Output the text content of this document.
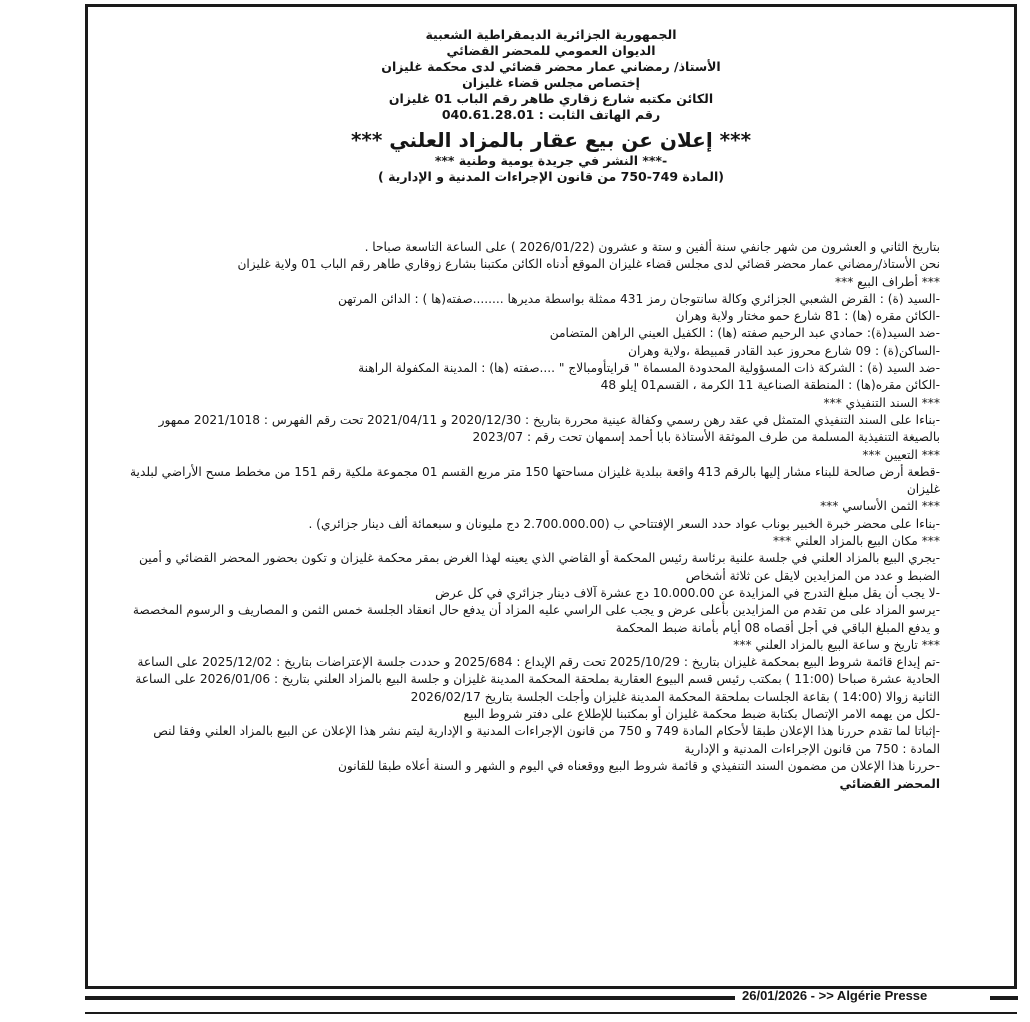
الجمهورية الجزائرية الديمقراطية الشعبية
الديوان العمومي للمحضر القضائي
الأستاذ/ رمضاني عمار محضر قضائي لدى محكمة غليزان
إختصاص مجلس قضاء غليزان
الكائن مكتبه شارع زقاري طاهر رقم الباب 01 غليزان
رقم الهاتف الثابت : 040.61.28.01
*** إعلان عن بيع عقار بالمزاد العلني ***
-*** النشر في جريدة يومية وطنية ***
(المادة 749-750 من قانون الإجراءات المدنية و الإدارية )
بتاريخ الثاني و العشرون من شهر جانفي سنة ألفين و ستة و عشرون (2026/01/22 ) على الساعة التاسعة صباحا .
نحن الأستاذ/رمضاني عمار محضر قضائي لدى مجلس قضاء غليزان الموقع أدناه الكائن مكتبنا بشارع زوقاري طاهر رقم الباب 01 ولاية غليزان
*** أطراف البيع ***
-السيد (ة) : القرض الشعبي الجزائري وكالة سانتوجان رمز 431 ممثلة بواسطة مديرها ........صفته(ها ) : الدائن المرتهن
-الكائن مقره (ها) : 81 شارع حمو مختار ولاية وهران
-ضد السيد(ة): حمادي عبد الرحيم صفته (ها) : الكفيل العيني الراهن المتضامن
-الساكن(ة) : 09 شارع محروز عبد القادر قمبيطة ،ولاية وهران
-ضد السيد (ة) : الشركة ذات المسؤولية المحدودة المسماة " قرايتأومبالاج " ....صفته (ها) : المدينة المكفولة الراهنة
-الكائن مقره(ها) : المنطقة الصناعية 11 الكرمة ، القسم01 إيلو 48
*** السند التنفيذي ***
-بناءا على السند التنفيذي المتمثل في عقد رهن رسمي وكفالة عينية محررة بتاريخ : 2020/12/30 و 2021/04/11 تحت رقم الفهرس : 2021/1018 ممهور بالصيغة التنفيذية المسلمة من طرف الموثقة الأستاذة بابا أحمد إسمهان تحت رقم : 2023/07
*** التعيين ***
-قطعة أرض صالحة للبناء مشار إليها بالرقم 413 واقعة ببلدية غليزان مساحتها 150 متر مربع القسم 01 مجموعة ملكية رقم 151 من مخطط مسح الأراضي لبلدية غليزان
*** الثمن الأساسي ***
-بناءا على محضر خبرة الخبير بوناب عواد حدد السعر الإفتتاحي ب (2.700.000.00 دج مليونان و سبعمائة ألف دينار جزائري) .
*** مكان البيع بالمزاد العلني ***
-يجري البيع بالمزاد العلني في جلسة علنية برئاسة رئيس المحكمة أو القاضي الذي يعينه لهذا الغرض بمقر محكمة غليزان و تكون بحضور المحضر القضائي و أمين الضبط و عدد من المزايدين لايقل عن ثلاثة أشخاص
-لا يجب أن يقل مبلغ التدرج في المزايدة عن 10.000.00 دج عشرة آلاف دينار جزائري في كل عرض
-يرسو المزاد على من تقدم من المزايدين بأعلى عرض و يجب على الراسي عليه المزاد أن يدفع حال انعقاد الجلسة خمس الثمن و المصاريف و الرسوم المخصصة و يدفع المبلغ الباقي في أجل أقصاه 08 أيام بأمانة ضبط المحكمة
*** تاريخ و ساعة البيع بالمزاد العلني ***
-تم إيداع قائمة شروط البيع بمحكمة غليزان بتاريخ : 2025/10/29 تحت رقم الإيداع : 2025/684 و حددت جلسة الإعتراضات بتاريخ : 2025/12/02 على الساعة الحادية عشرة صباحا (11:00 ) بمكتب رئيس قسم البيوع العقارية بملحقة المحكمة المدينة غليزان و جلسة البيع بالمزاد العلني بتاريخ : 2026/01/06 على الساعة الثانية زوالا (14:00 ) بقاعة الجلسات بملحقة المحكمة المدينة غليزان وأجلت الجلسة بتاريخ 2026/02/17
-لكل من يهمه الامر الإتصال بكتابة ضبط محكمة غليزان أو بمكتبنا للإطلاع على دفتر شروط البيع
-إثباتا لما تقدم حررنا هذا الإعلان طبقا لأحكام المادة 749 و 750 من قانون الإجراءات المدنية و الإدارية ليتم نشر هذا الإعلان عن البيع بالمزاد العلني وفقا لنص المادة : 750 من قانون الإجراءات المدنية و الإدارية
-حررنا هذا الإعلان من مضمون السند التنفيذي و قائمة شروط البيع ووقعناه في اليوم و الشهر و السنة أعلاه طبقا للقانون
المحضر القضائي
26/01/2026 - >> Algérie Presse
